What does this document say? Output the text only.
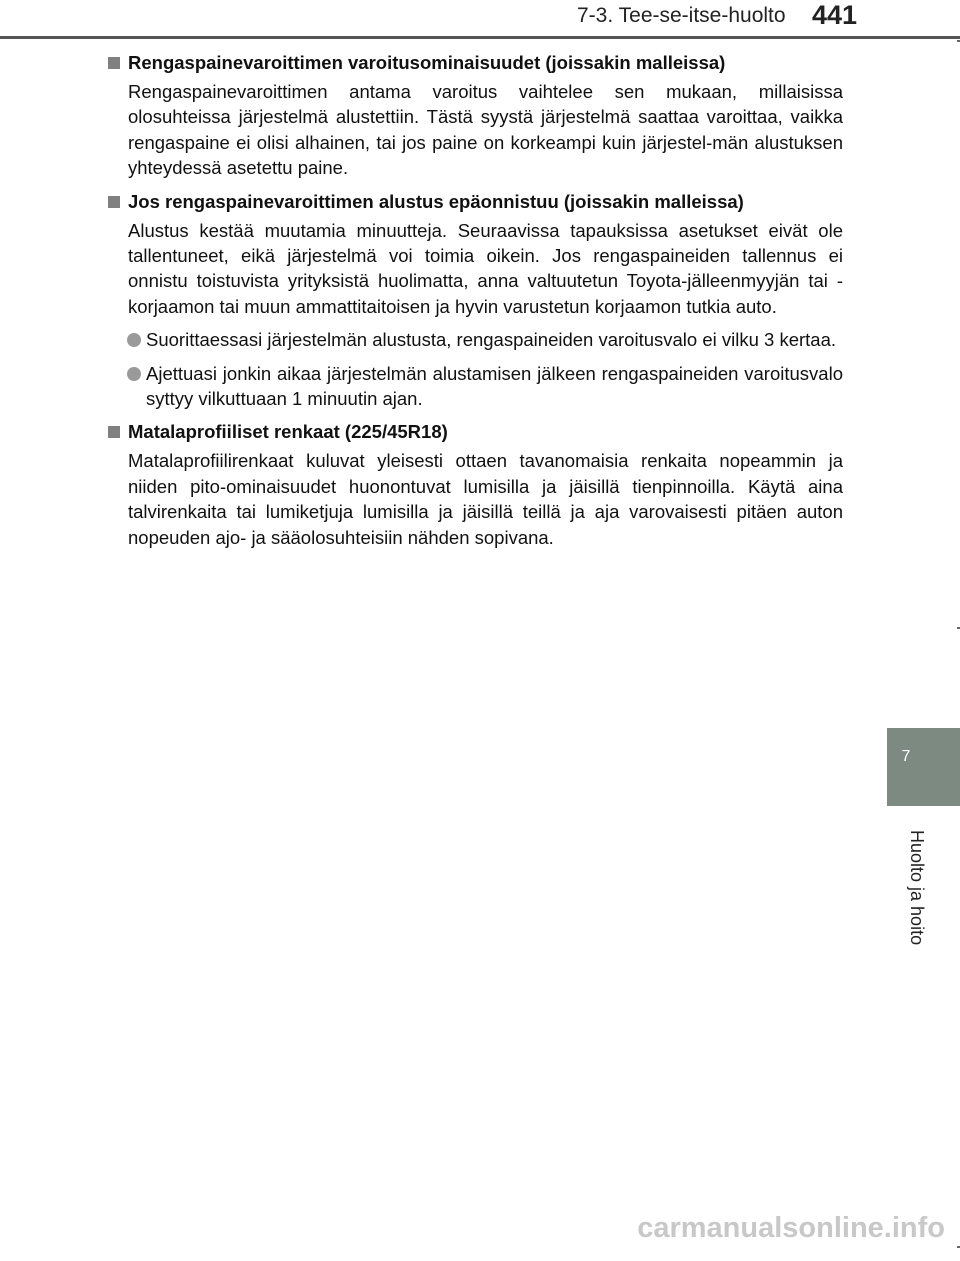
7-3. Tee-se-itse-huolto 441
Rengaspainevaroittimen varoitusominaisuudet (joissakin malleissa)

Rengaspainevaroittimen antama varoitus vaihtelee sen mukaan, millaisissa olosuhteissa järjestelmä alustettiin. Tästä syystä järjestelmä saattaa varoittaa, vaikka rengaspaine ei olisi alhainen, tai jos paine on korkeampi kuin järjestel-män alustuksen yhteydessä asetettu paine.

Jos rengaspainevaroittimen alustus epäonnistuu (joissakin malleissa)

Alustus kestää muutamia minuutteja. Seuraavissa tapauksissa asetukset eivät ole tallentuneet, eikä järjestelmä voi toimia oikein. Jos rengaspaineiden tallennus ei onnistu toistuvista yrityksistä huolimatta, anna valtuutetun Toyota-jälleenmyyjän tai -korjaamon tai muun ammattitaitoisen ja hyvin varustetun korjaamon tutkia auto.

Suorittaessasi järjestelmän alustusta, rengaspaineiden varoitusvalo ei vilku 3 kertaa.
Ajettuasi jonkin aikaa järjestelmän alustamisen jälkeen rengaspaineiden varoitusvalo syttyy vilkuttuaan 1 minuutin ajan.
Matalaprofiiliset renkaat (225/45R18)

Matalaprofiilirenkaat kuluvat yleisesti ottaen tavanomaisia renkaita nopeammin ja niiden pito-ominaisuudet huonontuvat lumisilla ja jäisillä tienpinnoilla. Käytä aina talvirenkaita tai lumiketjuja lumisilla ja jäisillä teillä ja aja varovaisesti pitäen auton nopeuden ajo- ja sääolosuhteisiin nähden sopivana.

7
Huolto ja hoito
carmanualsonline.info
